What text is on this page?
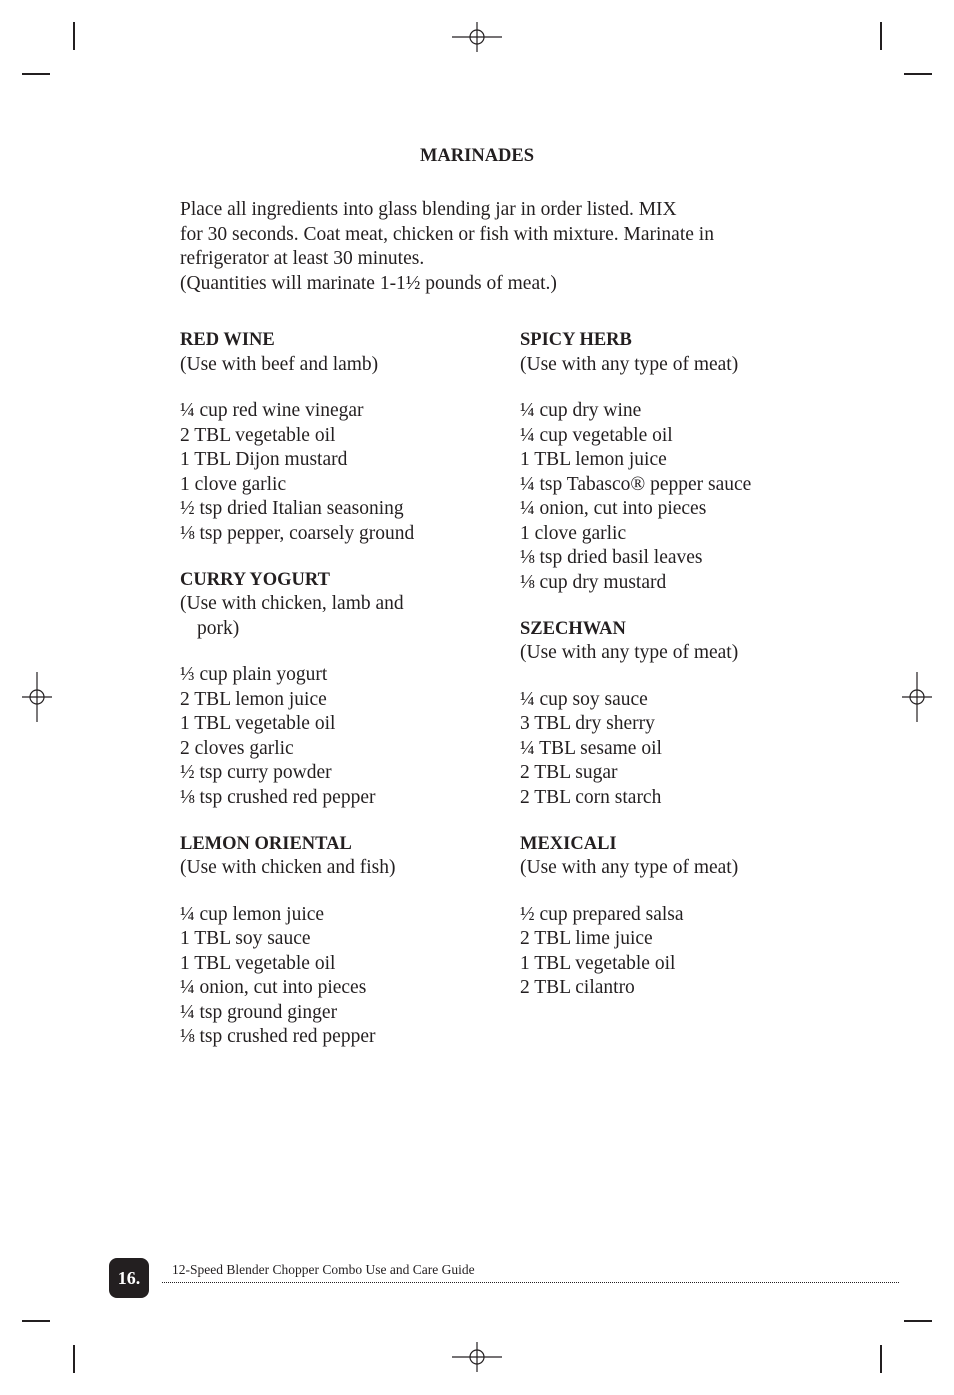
MARINADES
Place all ingredients into glass blending jar in order listed. MIX
for 30 seconds. Coat meat, chicken or fish with mixture. Marinate in
refrigerator at least 30 minutes.
(Quantities will marinate 1-1½ pounds of meat.)
RED WINE
(Use with beef and lamb)
¼ cup red wine vinegar
2 TBL vegetable oil
1 TBL Dijon mustard
1 clove garlic
½ tsp dried Italian seasoning
⅛ tsp pepper, coarsely ground
CURRY YOGURT
(Use with chicken, lamb and
pork)
⅓ cup plain yogurt
2 TBL lemon juice
1 TBL vegetable oil
2 cloves garlic
½ tsp curry powder
⅛ tsp crushed red pepper
LEMON ORIENTAL
(Use with chicken and fish)
¼ cup lemon juice
1 TBL soy sauce
1 TBL vegetable oil
¼ onion, cut into pieces
¼ tsp ground ginger
⅛ tsp crushed red pepper
SPICY HERB
(Use with any type of meat)
¼ cup dry wine
¼ cup vegetable oil
1 TBL lemon juice
¼ tsp Tabasco® pepper sauce
¼ onion, cut into pieces
1 clove garlic
⅛ tsp dried basil leaves
⅛ cup dry mustard
SZECHWAN
(Use with any type of meat)
¼ cup soy sauce
3 TBL dry sherry
¼ TBL sesame oil
2 TBL sugar
2 TBL corn starch
MEXICALI
(Use with any type of meat)
½ cup prepared salsa
2 TBL lime juice
1 TBL vegetable oil
2 TBL cilantro
16.	12-Speed Blender Chopper Combo Use and Care Guide
